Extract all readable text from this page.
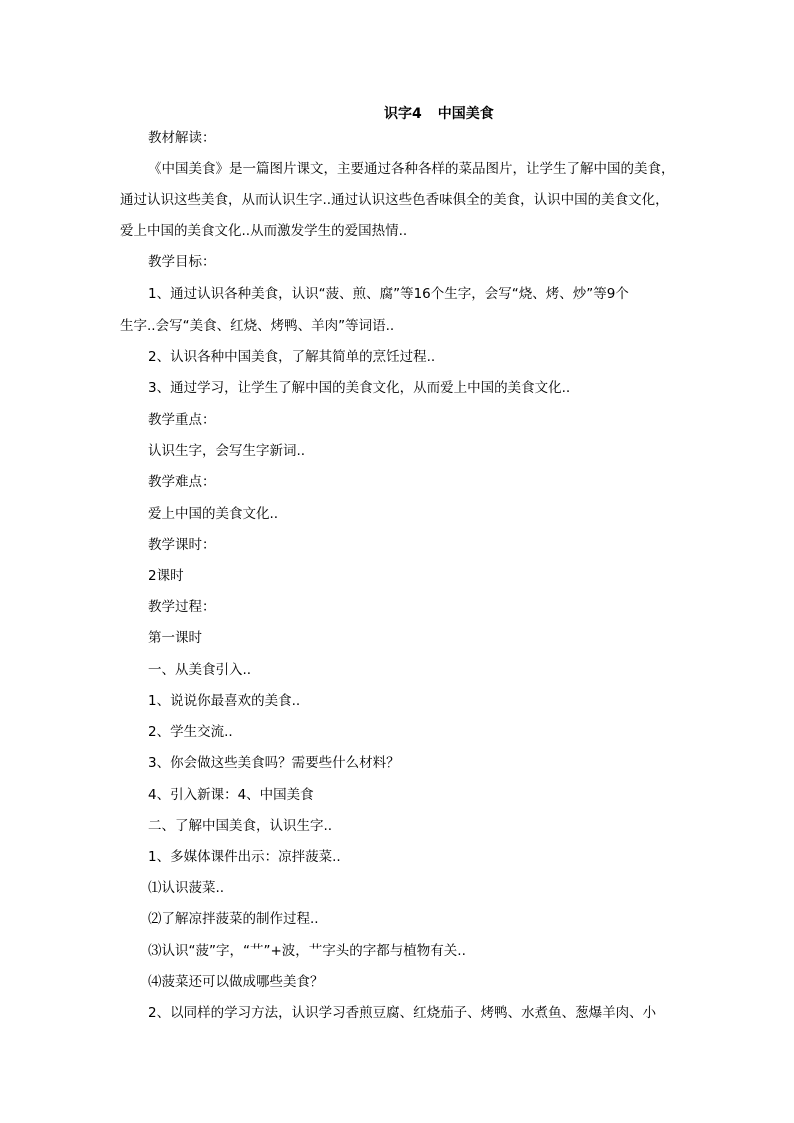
识字4 中国美食
教材解读：
《中国美食》是一篇图片课文，主要通过各种各样的菜品图片，让学生了解中国的美食，
通过认识这些美食，从而认识生字..通过认识这些色香味俱全的美食，认识中国的美食文化，
爱上中国的美食文化..从而激发学生的爱国热情..
教学目标：
1、通过认识各种美食，认识“菠、煎、腐”等16个生字，会写“烧、烤、炒”等9个
生字..会写“美食、红烧、烤鸭、羊肉”等词语..
2、认识各种中国美食，了解其简单的烹饪过程..
3、通过学习，让学生了解中国的美食文化，从而爱上中国的美食文化..
教学重点：
认识生字，会写生字新词..
教学难点：
爱上中国的美食文化..
教学课时：
2课时
教学过程：
第一课时
一、从美食引入..
1、说说你最喜欢的美食..
2、学生交流..
3、你会做这些美食吗？需要些什么材料？
4、引入新课：4、中国美食
二、了解中国美食，认识生字..
1、多媒体课件出示：凉拌菠菜..
⑴认识菠菜..
⑵了解凉拌菠菜的制作过程..
⑶认识“菠”字，“艹”+波，艹字头的字都与植物有关..
⑷菠菜还可以做成哪些美食？
2、以同样的学习方法，认识学习香煎豆腐、红烧茄子、烤鸭、水煮鱼、葱爆羊肉、小
